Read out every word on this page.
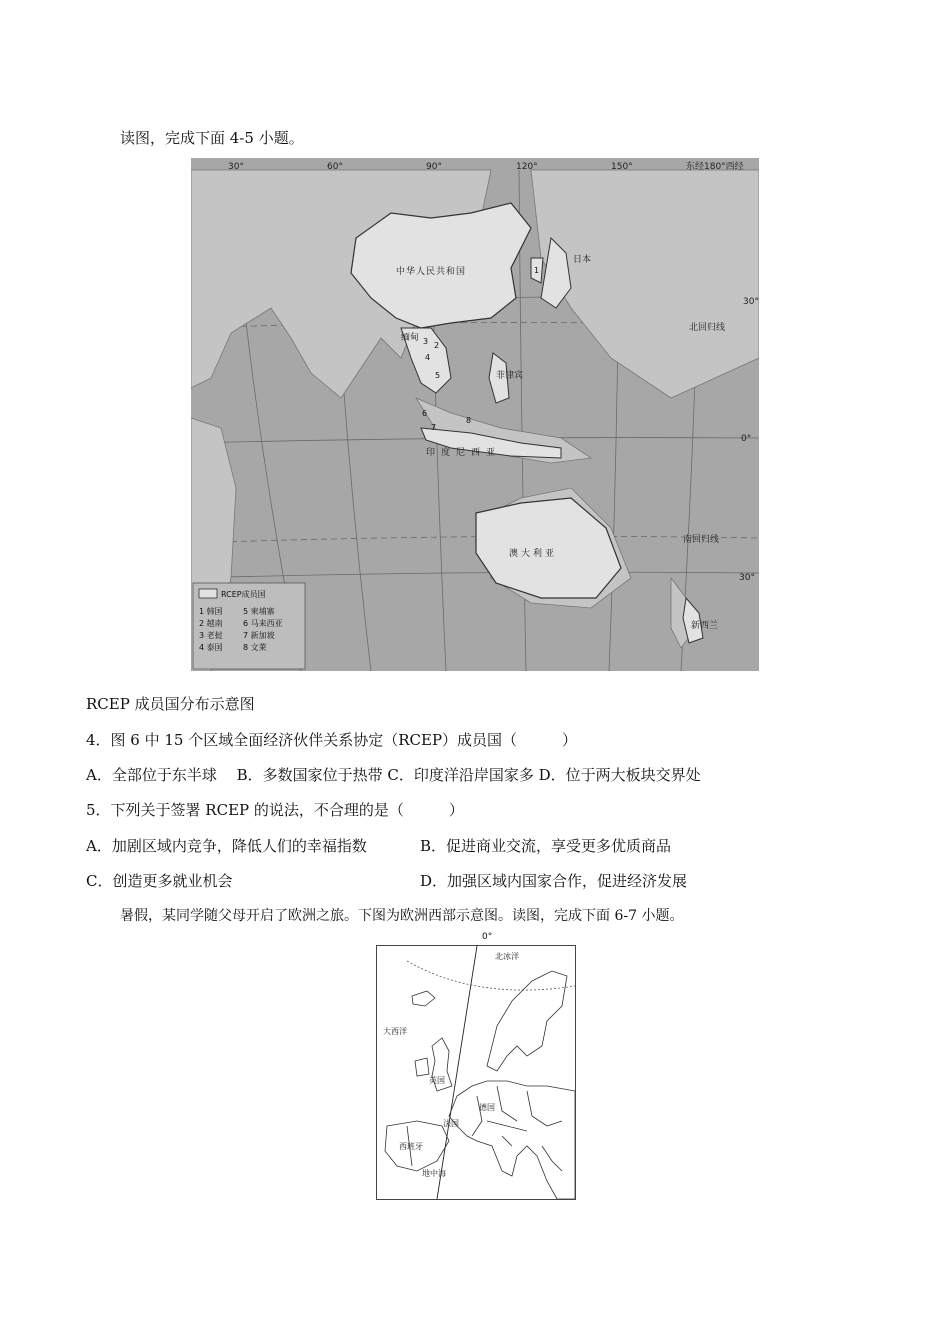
读图，完成下面 4-5 小题。
30°	60°	90°	120°	150°	东经180°西经
30°
0°
30°
北回归线
南回归线
中华人民共和国
日本
缅甸
菲律宾
印度尼西亚
澳大利亚
新西兰
1
2
3
4
5
6
7
8
RCEP成员国
1 韩国
2 越南
3 老挝
4 泰国
5 柬埔寨
6 马来西亚
7 新加坡
8 文莱
RCEP 成员国分布示意图
4．图 6 中 15 个区域全面经济伙伴关系协定（RCEP）成员国（　　　）
A．全部位于东半球　 B．多数国家位于热带 C．印度洋沿岸国家多 D．位于两大板块交界处
5．下列关于签署 RCEP 的说法，不合理的是（　　　）
A．加剧区域内竞争，降低人们的幸福指数	B．促进商业交流，享受更多优质商品
C．创造更多就业机会	D．加强区域内国家合作，促进经济发展
暑假，某同学随父母开启了欧洲之旅。下图为欧洲西部示意图。读图，完成下面 6-7 小题。
0°
北冰洋
大西洋
英国
德国
法国
西班牙
地中海
